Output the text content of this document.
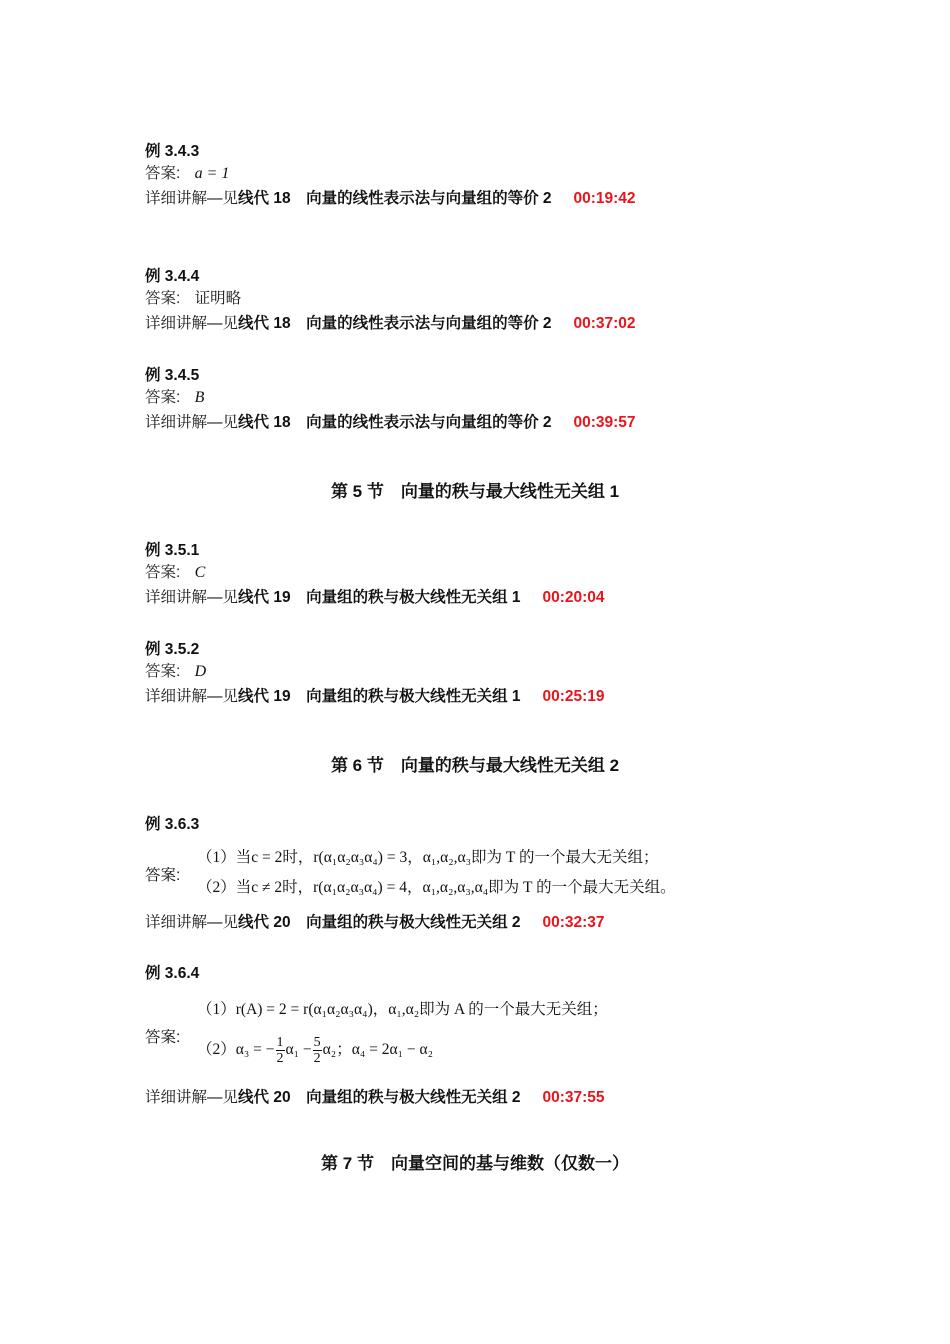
例 3.4.3
答案: a = 1
详细讲解—见线代 18　向量的线性表示法与向量组的等价 2 00:19:42
例 3.4.4
答案: 证明略
详细讲解—见线代 18　向量的线性表示法与向量组的等价 2 00:37:02
例 3.4.5
答案: B
详细讲解—见线代 18　向量的线性表示法与向量组的等价 2 00:39:57
第 5 节　向量的秩与最大线性无关组 1
例 3.5.1
答案: C
详细讲解—见线代 19　向量组的秩与极大线性无关组 1 00:20:04
例 3.5.2
答案: D
详细讲解—见线代 19　向量组的秩与极大线性无关组 1 00:25:19
第 6 节　向量的秩与最大线性无关组 2
例 3.6.3
答案:
（1）当c = 2时，r(α₁α₂α₃α₄) = 3，α₁,α₂,α₃即为 T 的一个最大无关组；
（2）当c ≠ 2时，r(α₁α₂α₃α₄) = 4，α₁,α₂,α₃,α₄即为 T 的一个最大无关组。
详细讲解—见线代 20　向量组的秩与极大线性无关组 2 00:32:37
例 3.6.4
答案:
（1）r(A) = 2 = r(α₁α₂α₃α₄)，α₁,α₂即为 A 的一个最大无关组；
（2）α₃ = − $\frac{1}{2} \alpha_1 - \frac{5}{2} \alpha_2$；α₄ = 2α₁ − α₂
详细讲解—见线代 20　向量组的秩与极大线性无关组 2 00:37:55
第 7 节　向量空间的基与维数（仅数一）
